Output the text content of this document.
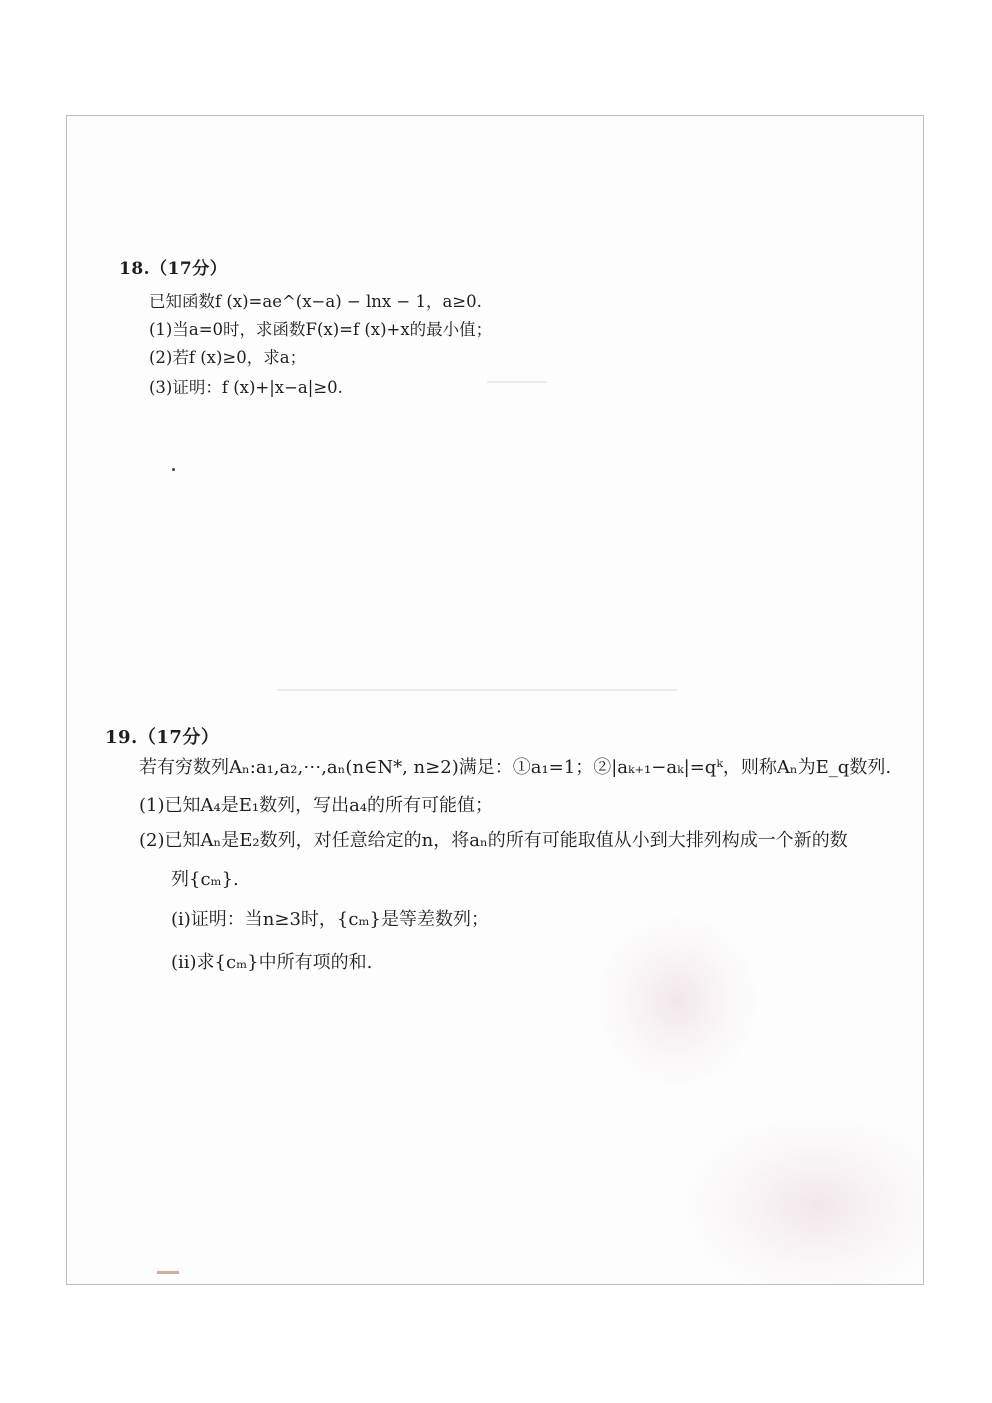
18.（17分）
已知函数f (x)=ae^(x−a) − lnx − 1，a≥0.
(1)当a=0时，求函数F(x)=f (x)+x的最小值；
(2)若f (x)≥0，求a；
(3)证明：f (x)+|x−a|≥0.
19.（17分）
若有穷数列Aₙ:a₁,a₂,⋯,aₙ(n∈N*, n≥2)满足：①a₁=1；②|aₖ₊₁−aₖ|=qᵏ，则称Aₙ为E_q数列.
(1)已知A₄是E₁数列，写出a₄的所有可能值；
(2)已知Aₙ是E₂数列，对任意给定的n，将aₙ的所有可能取值从小到大排列构成一个新的数
列{cₘ}.
(i)证明：当n≥3时，{cₘ}是等差数列；
(ii)求{cₘ}中所有项的和.
